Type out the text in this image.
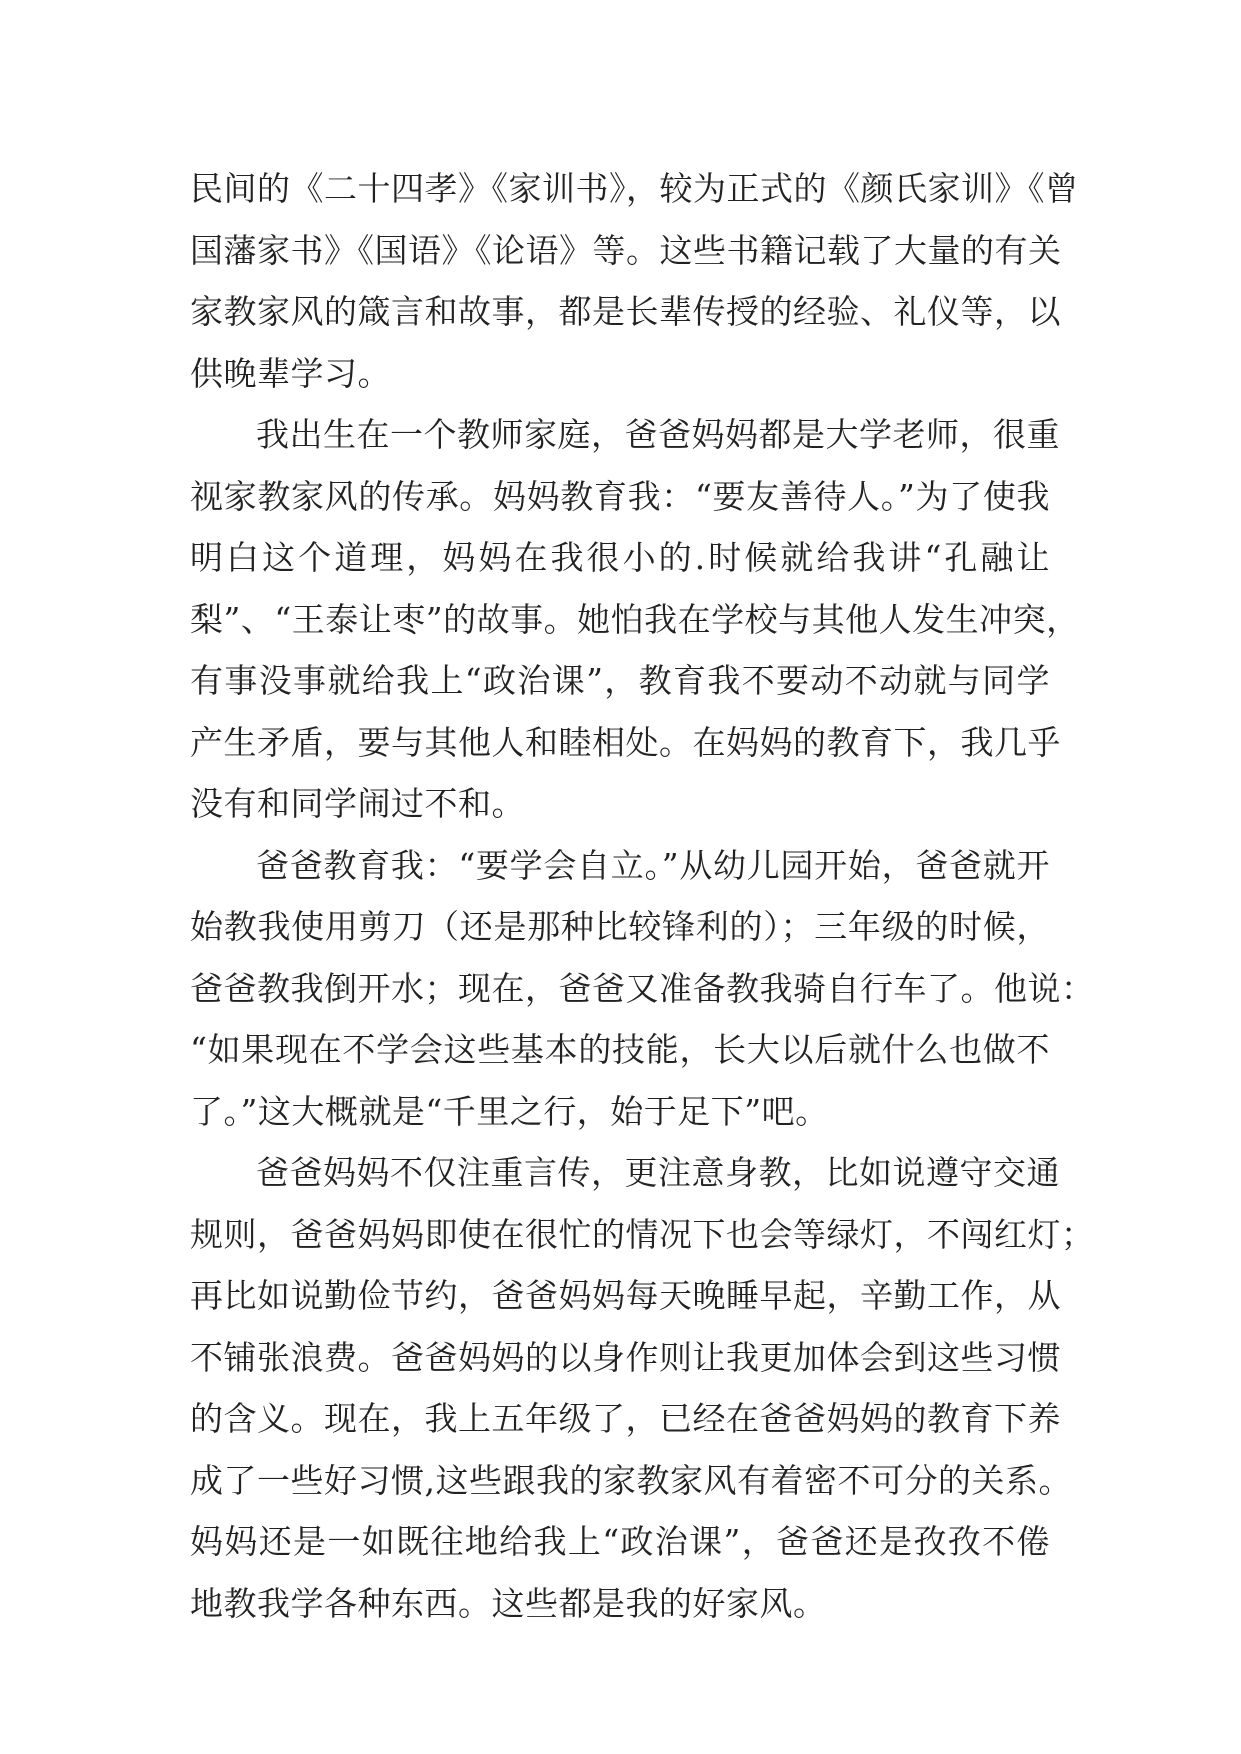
民间的《二十四孝》《家训书》，较为正式的《颜氏家训》《曾
国藩家书》《国语》《论语》等。这些书籍记载了大量的有关
家教家风的箴言和故事，都是长辈传授的经验、礼仪等，以
供晚辈学习。
我出生在一个教师家庭，爸爸妈妈都是大学老师，很重
视家教家风的传承。妈妈教育我：“要友善待人。”为了使我
明白这个道理，妈妈在我很小的.时候就给我讲“孔融让
梨”、“王泰让枣”的故事。她怕我在学校与其他人发生冲突，
有事没事就给我上“政治课”，教育我不要动不动就与同学
产生矛盾，要与其他人和睦相处。在妈妈的教育下，我几乎
没有和同学闹过不和。
爸爸教育我：“要学会自立。”从幼儿园开始，爸爸就开
始教我使用剪刀（还是那种比较锋利的）；三年级的时候，
爸爸教我倒开水；现在，爸爸又准备教我骑自行车了。他说：
“如果现在不学会这些基本的技能，长大以后就什么也做不
了。”这大概就是“千里之行，始于足下”吧。
爸爸妈妈不仅注重言传，更注意身教，比如说遵守交通
规则，爸爸妈妈即使在很忙的情况下也会等绿灯，不闯红灯；
再比如说勤俭节约，爸爸妈妈每天晚睡早起，辛勤工作，从
不铺张浪费。爸爸妈妈的以身作则让我更加体会到这些习惯
的含义。现在，我上五年级了，已经在爸爸妈妈的教育下养
成了一些好习惯,这些跟我的家教家风有着密不可分的关系。
妈妈还是一如既往地给我上“政治课”，爸爸还是孜孜不倦
地教我学各种东西。这些都是我的好家风。
